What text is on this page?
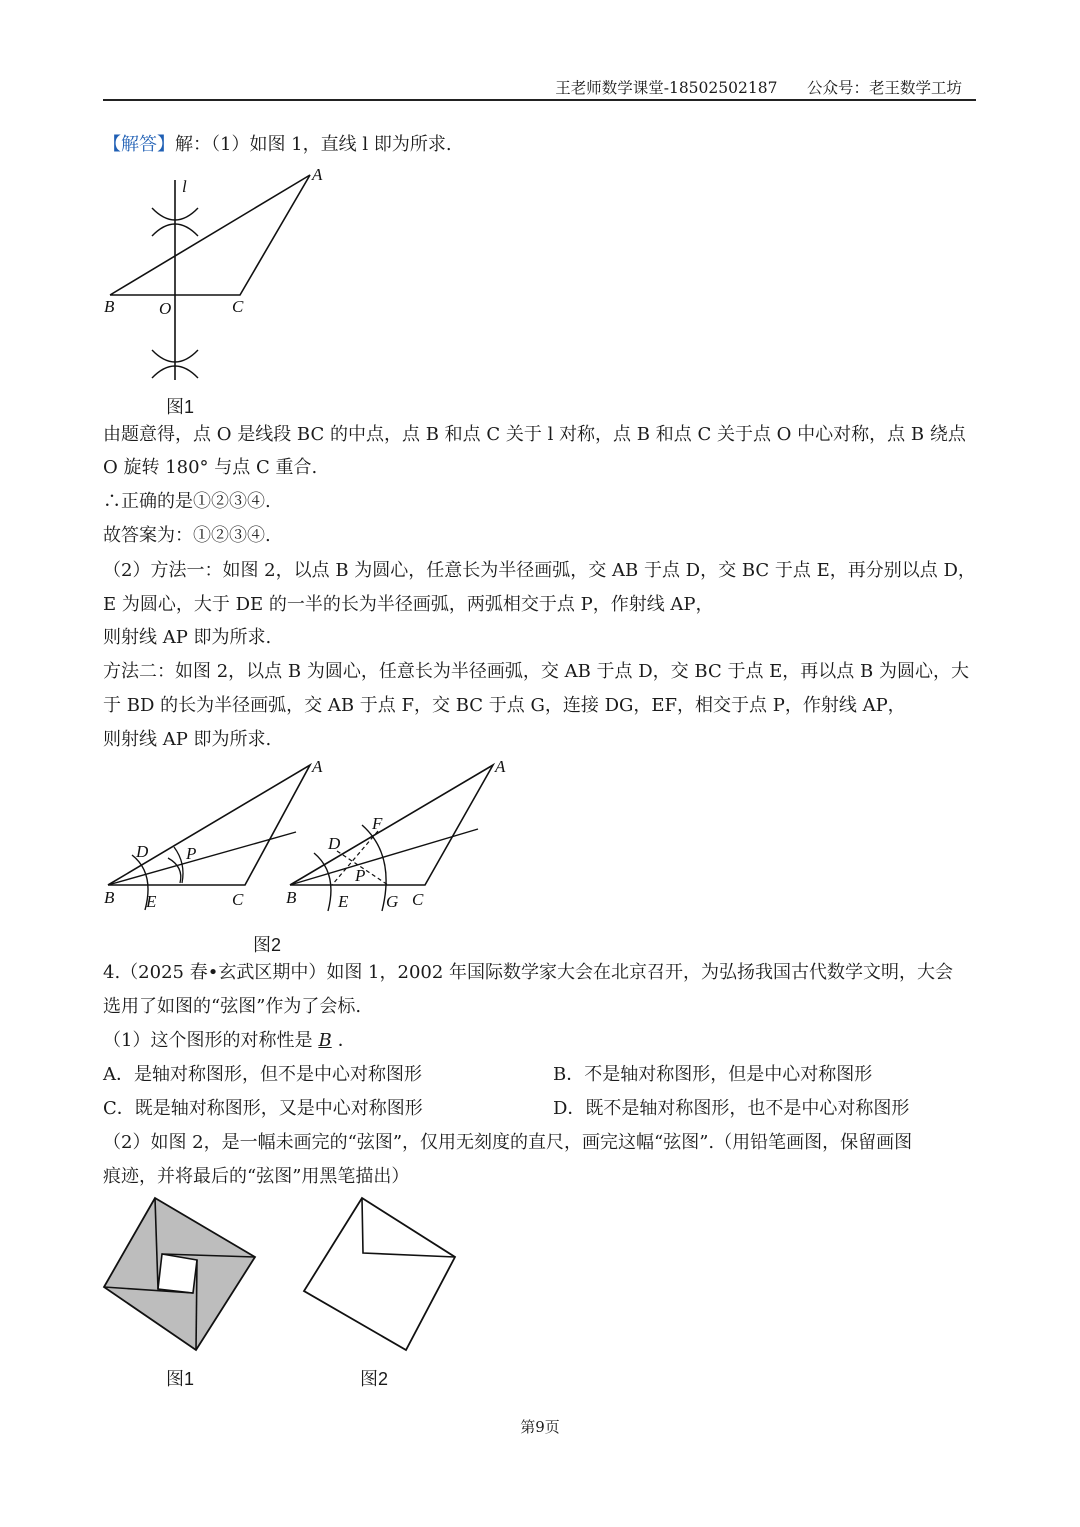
王老师数学课堂-18502502187      公众号：老王数学工坊
【解答】解：（1）如图 1，直线 l 即为所求.
A
l
B	O	C
图1
由题意得，点 O 是线段 BC 的中点，点 B 和点 C 关于 l 对称，点 B 和点 C 关于点 O 中心对称，点 B 绕点
O 旋转 180° 与点 C 重合.
∴正确的是①②③④.
故答案为：①②③④.
（2）方法一：如图 2，以点 B 为圆心，任意长为半径画弧，交 AB 于点 D，交 BC 于点 E，再分别以点 D，
E 为圆心，大于 DE 的一半的长为半径画弧，两弧相交于点 P，作射线 AP，
则射线 AP 即为所求.
方法二：如图 2，以点 B 为圆心，任意长为半径画弧，交 AB 于点 D，交 BC 于点 E，再以点 B 为圆心，大
于 BD 的长为半径画弧，交 AB 于点 F，交 BC 于点 G，连接 DG，EF，相交于点 P，作射线 AP，
则射线 AP 即为所求.
A
D P
B E	C
A
F
D
P
B E G C
图2
4.（2025 春•玄武区期中）如图 1，2002 年国际数学家大会在北京召开，为弘扬我国古代数学文明，大会
选用了如图的“弦图”作为了会标.
（1）这个图形的对称性是 B ．
A．是轴对称图形，但不是中心对称图形	B．不是轴对称图形，但是中心对称图形
C．既是轴对称图形，又是中心对称图形	D．既不是轴对称图形，也不是中心对称图形
（2）如图 2，是一幅未画完的“弦图”，仅用无刻度的直尺，画完这幅“弦图”.（用铅笔画图，保留画图
痕迹，并将最后的“弦图”用黑笔描出）
图1	图2
第9页
